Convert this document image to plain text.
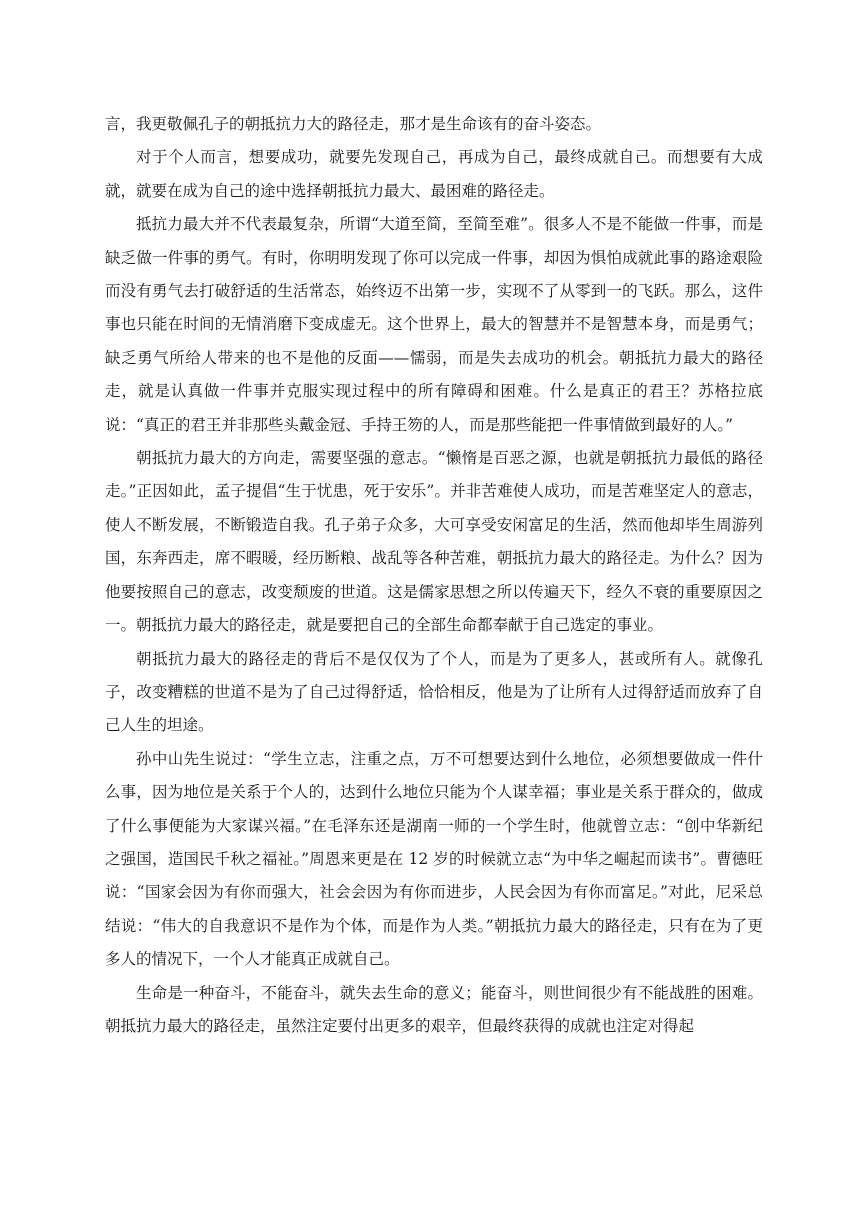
言，我更敬佩孔子的朝抵抗力大的路径走，那才是生命该有的奋斗姿态。

对于个人而言，想要成功，就要先发现自己，再成为自己，最终成就自己。而想要有大成就，就要在成为自己的途中选择朝抵抗力最大、最困难的路径走。

抵抗力最大并不代表最复杂，所谓“大道至简，至简至难”。很多人不是不能做一件事，而是缺乏做一件事的勇气。有时，你明明发现了你可以完成一件事，却因为惧怕成就此事的路途艰险而没有勇气去打破舒适的生活常态，始终迈不出第一步，实现不了从零到一的飞跃。那么，这件事也只能在时间的无情消磨下变成虚无。这个世界上，最大的智慧并不是智慧本身，而是勇气；缺乏勇气所给人带来的也不是他的反面——懦弱，而是失去成功的机会。朝抵抗力最大的路径走，就是认真做一件事并克服实现过程中的所有障碍和困难。什么是真正的君王？苏格拉底说：“真正的君王并非那些头戴金冠、手持王笏的人，而是那些能把一件事情做到最好的人。”

朝抵抗力最大的方向走，需要坚强的意志。“懒惰是百恶之源，也就是朝抵抗力最低的路径走。”正因如此，孟子提倡“生于忧患，死于安乐”。并非苦难使人成功，而是苦难坚定人的意志，使人不断发展，不断锻造自我。孔子弟子众多，大可享受安闲富足的生活，然而他却毕生周游列国，东奔西走，席不暇暖，经历断粮、战乱等各种苦难，朝抵抗力最大的路径走。为什么？因为他要按照自己的意志，改变颓废的世道。这是儒家思想之所以传遍天下，经久不衰的重要原因之一。朝抵抗力最大的路径走，就是要把自己的全部生命都奉献于自己选定的事业。

朝抵抗力最大的路径走的背后不是仅仅为了个人，而是为了更多人，甚或所有人。就像孔子，改变糟糕的世道不是为了自己过得舒适，恰恰相反，他是为了让所有人过得舒适而放弃了自己人生的坦途。

孙中山先生说过：“学生立志，注重之点，万不可想要达到什么地位，必须想要做成一件什么事，因为地位是关系于个人的，达到什么地位只能为个人谋幸福；事业是关系于群众的，做成了什么事便能为大家谋兴福。”在毛泽东还是湖南一师的一个学生时，他就曾立志：“创中华新纪之强国，造国民千秋之福祉。”周恩来更是在 12 岁的时候就立志“为中华之崛起而读书”。曹德旺说：“国家会因为有你而强大，社会会因为有你而进步，人民会因为有你而富足。”对此，尼采总结说：“伟大的自我意识不是作为个体，而是作为人类。”朝抵抗力最大的路径走，只有在为了更多人的情况下，一个人才能真正成就自己。

生命是一种奋斗，不能奋斗，就失去生命的意义；能奋斗，则世间很少有不能战胜的困难。朝抵抗力最大的路径走，虽然注定要付出更多的艰辛，但最终获得的成就也注定对得起
